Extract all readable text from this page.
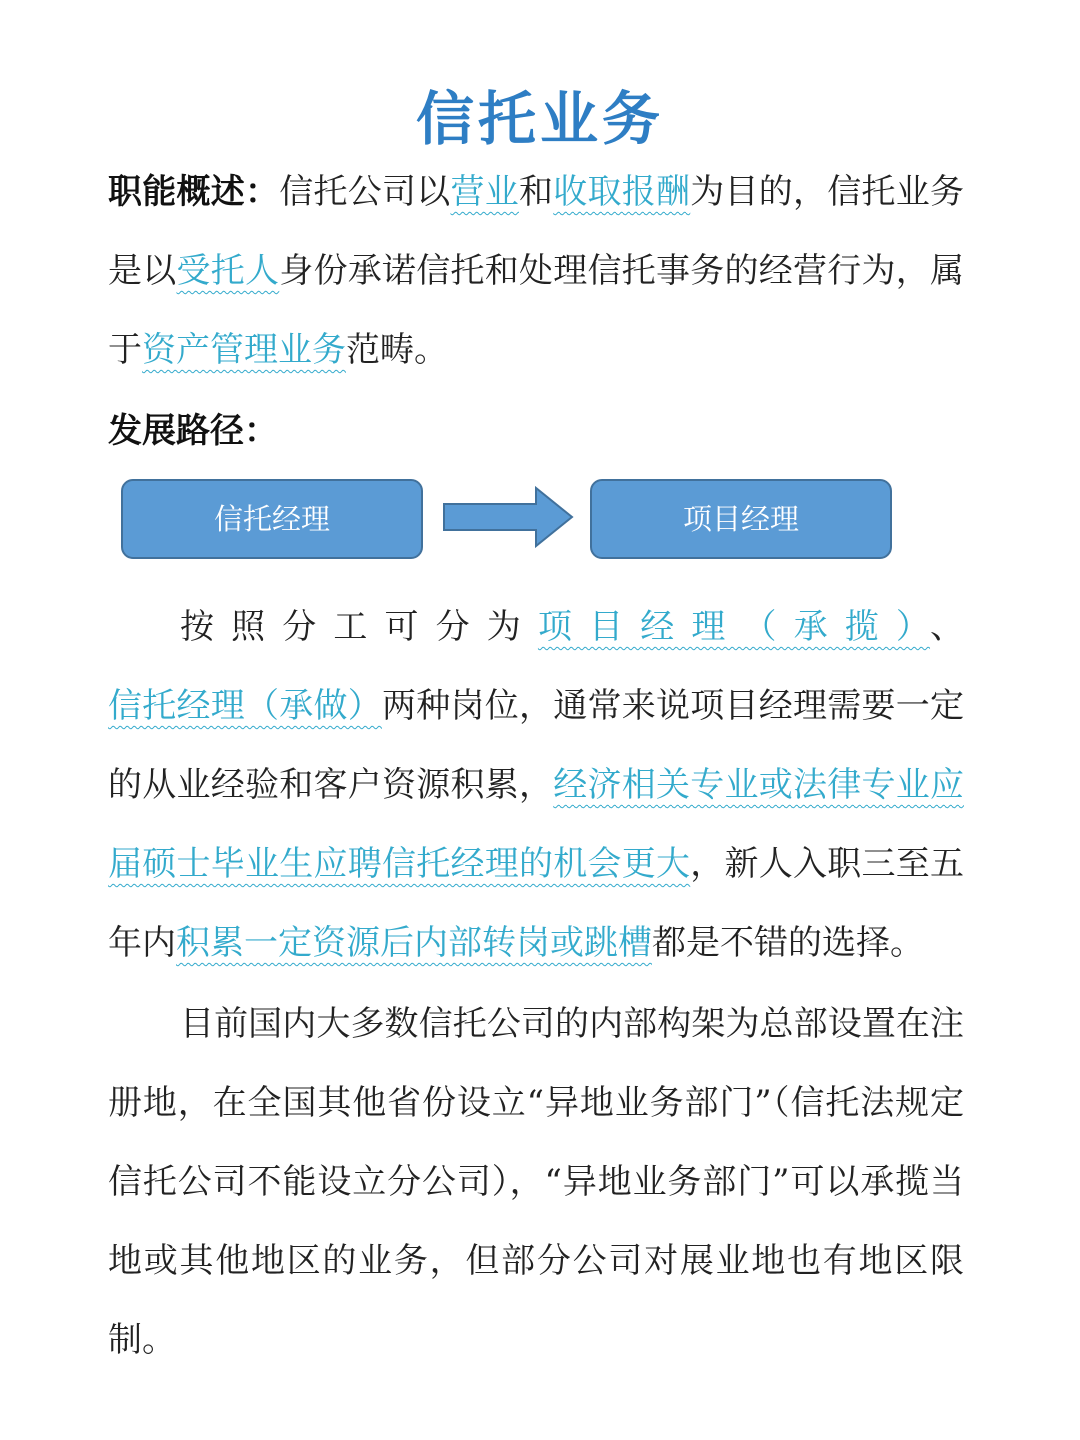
信托业务
职能概述：信托公司以营业和收取报酬为目的，信托业务是以受托人身份承诺信托和处理信托事务的经营行为，属于资产管理业务范畴。
发展路径：
信托经理	项目经理
按照分工可分为项目经理（承揽）、信托经理（承做）两种岗位，通常来说项目经理需要一定的从业经验和客户资源积累，经济相关专业或法律专业应届硕士毕业生应聘信托经理的机会更大，新人入职三至五年内积累一定资源后内部转岗或跳槽都是不错的选择。
目前国内大多数信托公司的内部构架为总部设置在注册地，在全国其他省份设立“异地业务部门”（信托法规定信托公司不能设立分公司），“异地业务部门”可以承揽当地或其他地区的业务，但部分公司对展业地也有地区限制。
